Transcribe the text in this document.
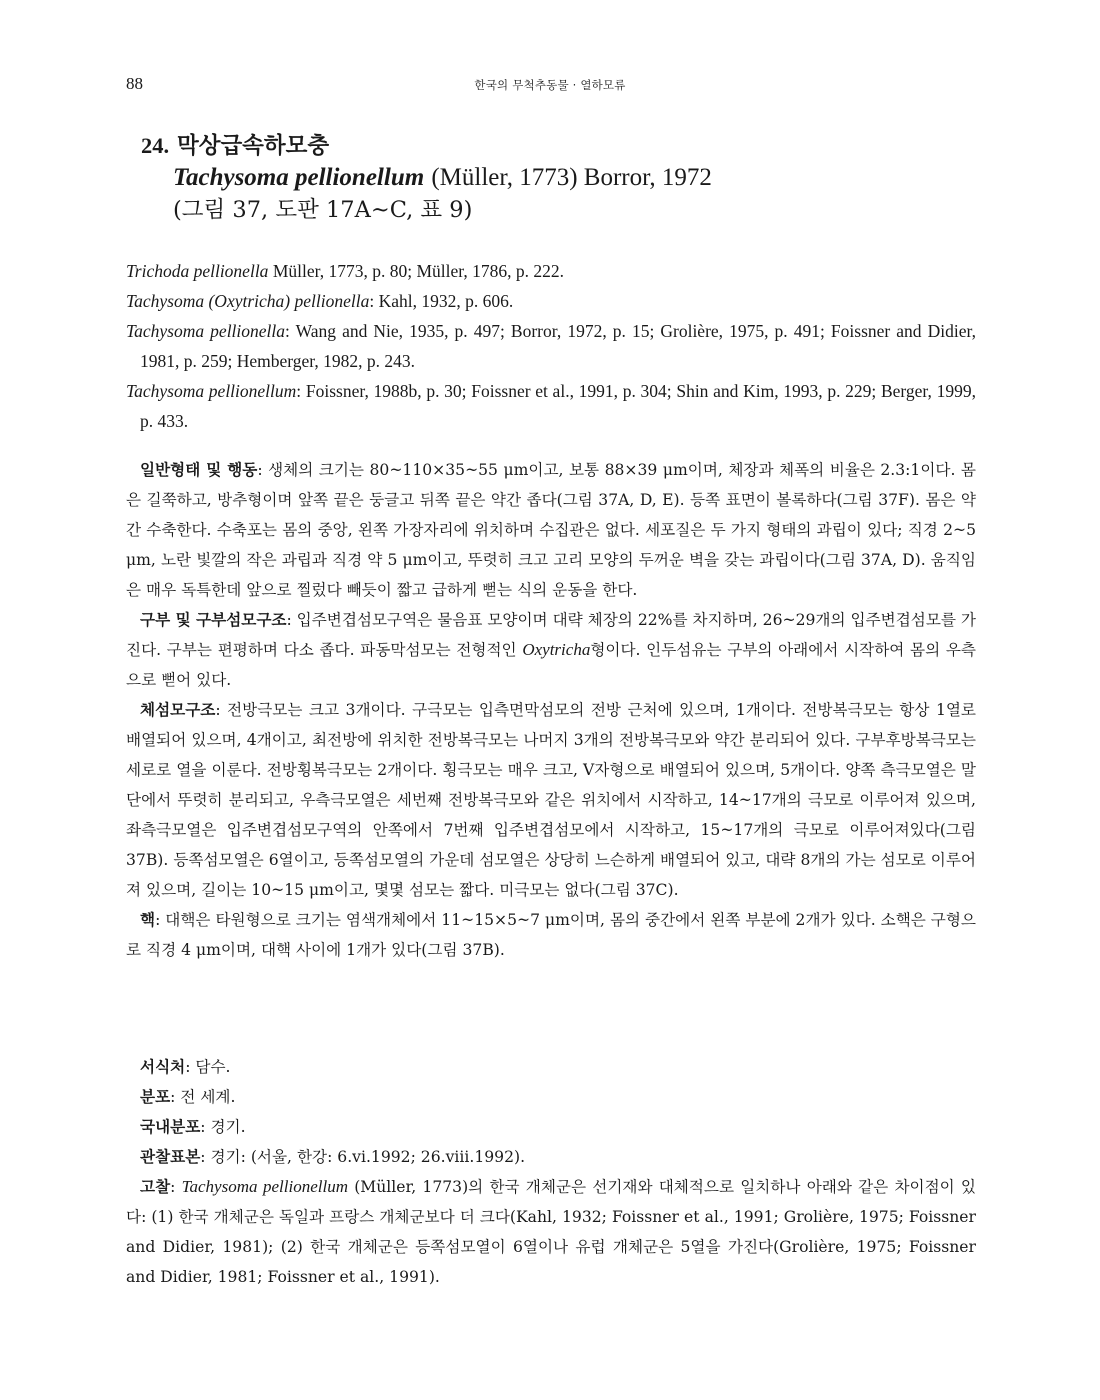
88	한국의 무척추동물 · 열하모류
24. 막상급속하모충
Tachysoma pellionellum (Müller, 1773) Borror, 1972
(그림 37, 도판 17A~C, 표 9)
Trichoda pellionella Müller, 1773, p. 80; Müller, 1786, p. 222.
Tachysoma (Oxytricha) pellionella: Kahl, 1932, p. 606.
Tachysoma pellionella: Wang and Nie, 1935, p. 497; Borror, 1972, p. 15; Grolière, 1975, p. 491; Foissner and Didier, 1981, p. 259; Hemberger, 1982, p. 243.
Tachysoma pellionellum: Foissner, 1988b, p. 30; Foissner et al., 1991, p. 304; Shin and Kim, 1993, p. 229; Berger, 1999, p. 433.

일반형태 및 행동: 생체의 크기는 80~110×35~55 μm이고, 보통 88×39 μm이며, 체장과 체폭의 비율은 2.3:1이다. 몸은 길쭉하고, 방추형이며 앞쪽 끝은 둥글고 뒤쪽 끝은 약간 좁다(그림 37A, D, E). 등쪽 표면이 볼록하다(그림 37F). 몸은 약간 수축한다. 수축포는 몸의 중앙, 왼쪽 가장자리에 위치하며 수집관은 없다. 세포질은 두 가지 형태의 과립이 있다; 직경 2~5 μm, 노란 빛깔의 작은 과립과 직경 약 5 μm이고, 뚜렷히 크고 고리 모양의 두꺼운 벽을 갖는 과립이다(그림 37A, D). 움직임은 매우 독특한데 앞으로 찔렀다 빼듯이 짧고 급하게 뻗는 식의 운동을 한다.

구부 및 구부섬모구조: 입주변겹섬모구역은 물음표 모양이며 대략 체장의 22%를 차지하며, 26~29개의 입주변겹섬모를 가진다. 구부는 편평하며 다소 좁다. 파동막섬모는 전형적인 Oxytricha형이다. 인두섬유는 구부의 아래에서 시작하여 몸의 우측으로 뻗어 있다.

체섬모구조: 전방극모는 크고 3개이다. 구극모는 입측면막섬모의 전방 근처에 있으며, 1개이다. 전방복극모는 항상 1열로 배열되어 있으며, 4개이고, 최전방에 위치한 전방복극모는 나머지 3개의 전방복극모와 약간 분리되어 있다. 구부후방복극모는 세로로 열을 이룬다. 전방횡복극모는 2개이다. 횡극모는 매우 크고, V자형으로 배열되어 있으며, 5개이다. 양쪽 측극모열은 말단에서 뚜렷히 분리되고, 우측극모열은 세번째 전방복극모와 같은 위치에서 시작하고, 14~17개의 극모로 이루어져 있으며, 좌측극모열은 입주변겹섬모구역의 안쪽에서 7번째 입주변겹섬모에서 시작하고, 15~17개의 극모로 이루어져있다(그림 37B). 등쪽섬모열은 6열이고, 등쪽섬모열의 가운데 섬모열은 상당히 느슨하게 배열되어 있고, 대략 8개의 가는 섬모로 이루어져 있으며, 길이는 10~15 μm이고, 몇몇 섬모는 짧다. 미극모는 없다(그림 37C).

핵: 대핵은 타원형으로 크기는 염색개체에서 11~15×5~7 μm이며, 몸의 중간에서 왼쪽 부분에 2개가 있다. 소핵은 구형으로 직경 4 μm이며, 대핵 사이에 1개가 있다(그림 37B).

서식처: 담수.

분포: 전 세계.

국내분포: 경기.

관찰표본: 경기: (서울, 한강: 6.vi.1992; 26.viii.1992).

고찰: Tachysoma pellionellum (Müller, 1773)의 한국 개체군은 선기재와 대체적으로 일치하나 아래와 같은 차이점이 있다: (1) 한국 개체군은 독일과 프랑스 개체군보다 더 크다(Kahl, 1932; Foissner et al., 1991; Grolière, 1975; Foissner and Didier, 1981); (2) 한국 개체군은 등쪽섬모열이 6열이나 유럽 개체군은 5열을 가진다(Grolière, 1975; Foissner and Didier, 1981; Foissner et al., 1991).
